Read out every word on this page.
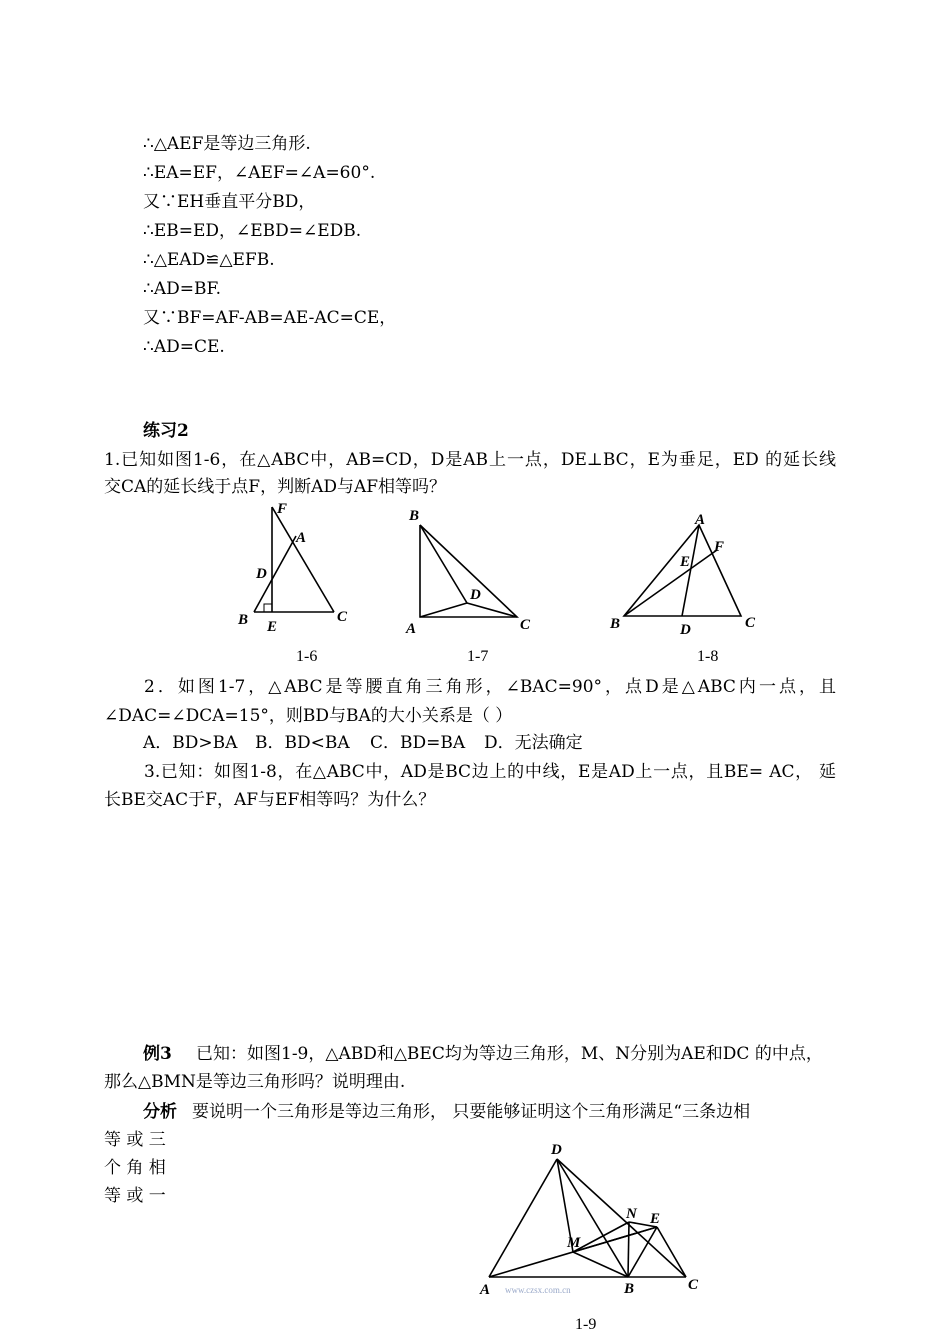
∴△AEF是等边三角形.
∴EA=EF，∠AEF=∠A=60°.
又∵EH垂直平分BD，
∴EB=ED，∠EBD=∠EDB.
∴△EAD≌△EFB.
∴AD=BF.
又∵BF=AF-AB=AE-AC=CE，
∴AD=CE.
练习2
1.已知如图1-6，在△ABC中，AB=CD，D是AB上一点，DE⊥BC，E为垂足，ED 的延长线
交CA的延长线于点F，判断AD与AF相等吗？
F
A
D
B E
C
B
D
A	C
A
F
E
B	D	C
1-6	1-7	1-8
2．如图1-7，△ABC是等腰直角三角形，∠BAC=90°，点D是△ABC内一点，且
∠DAC=∠DCA=15°，则BD与BA的大小关系是（ ）
A．BD>BA B．BD<BA C．BD=BA D．无法确定
3.已知：如图1-8，在△ABC中，AD是BC边上的中线，E是AD上一点，且BE= AC， 延
长BE交AC于F，AF与EF相等吗？为什么？
例3 已知：如图1-9，△ABD和△BEC均为等边三角形，M、N分别为AE和DC 的中点，
那么△BMN是等边三角形吗？说明理由.
分析 要说明一个三角形是等边三角形， 只要能够证明这个三角形满足“三条边相
等 或 三
个 角 相
等 或 一
D
N E
M
A	B	C
www.czsx.com.cn
1-9
